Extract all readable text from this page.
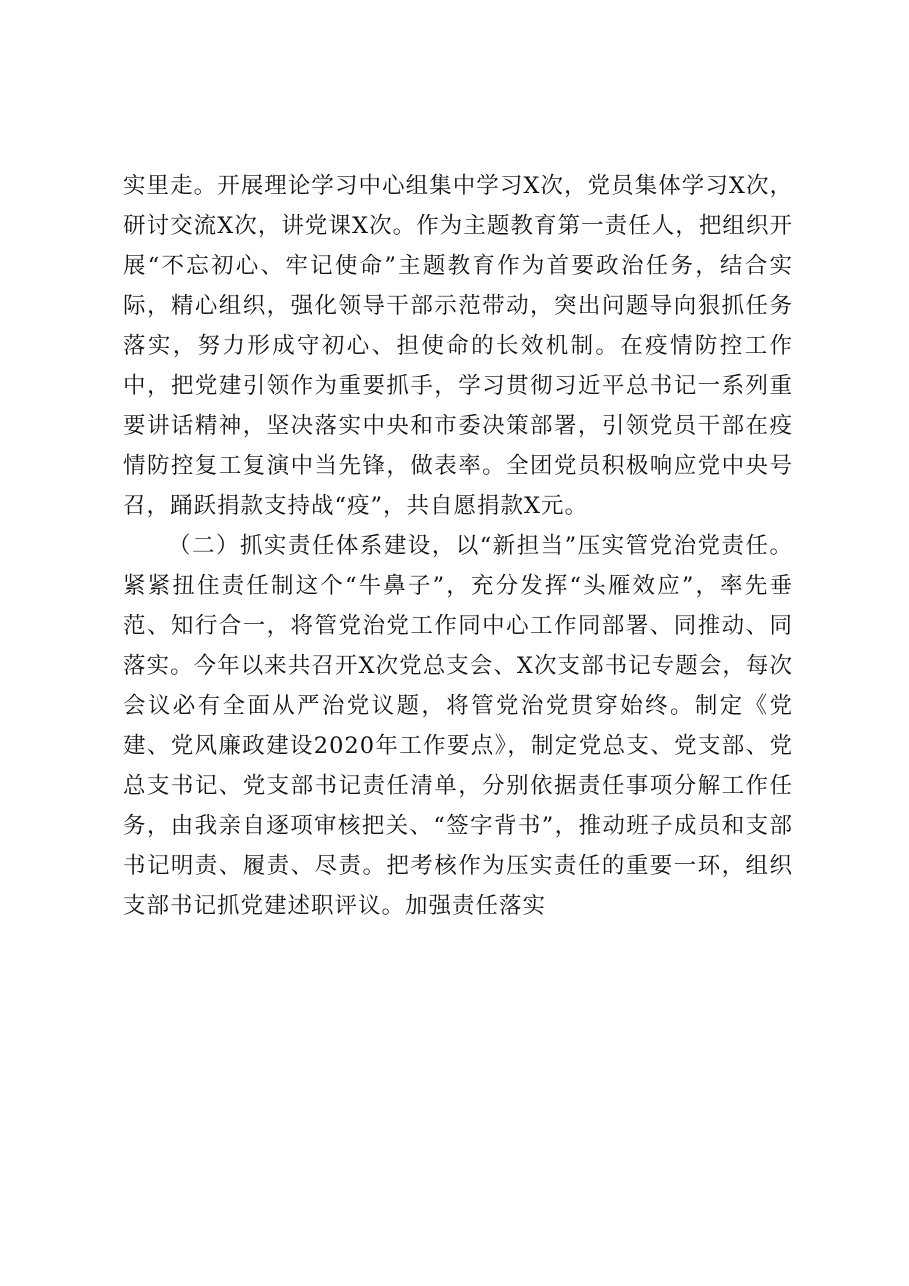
实里走。开展理论学习中心组集中学习X次，党员集体学习X次，研讨交流X次，讲党课X次。作为主题教育第一责任人，把组织开展“不忘初心、牢记使命”主题教育作为首要政治任务，结合实际，精心组织，强化领导干部示范带动，突出问题导向狠抓任务落实，努力形成守初心、担使命的长效机制。在疫情防控工作中，把党建引领作为重要抓手，学习贯彻习近平总书记一系列重要讲话精神，坚决落实中央和市委决策部署，引领党员干部在疫情防控复工复演中当先锋，做表率。全团党员积极响应党中央号召，踊跃捐款支持战“疫”，共自愿捐款X元。

（二）抓实责任体系建设，以“新担当”压实管党治党责任。紧紧扭住责任制这个“牛鼻子”，充分发挥“头雁效应”，率先垂范、知行合一，将管党治党工作同中心工作同部署、同推动、同落实。今年以来共召开X次党总支会、X次支部书记专题会，每次会议必有全面从严治党议题，将管党治党贯穿始终。制定《党建、党风廉政建设2020年工作要点》，制定党总支、党支部、党总支书记、党支部书记责任清单，分别依据责任事项分解工作任务，由我亲自逐项审核把关、“签字背书”，推动班子成员和支部书记明责、履责、尽责。把考核作为压实责任的重要一环，组织支部书记抓党建述职评议。加强责任落实
